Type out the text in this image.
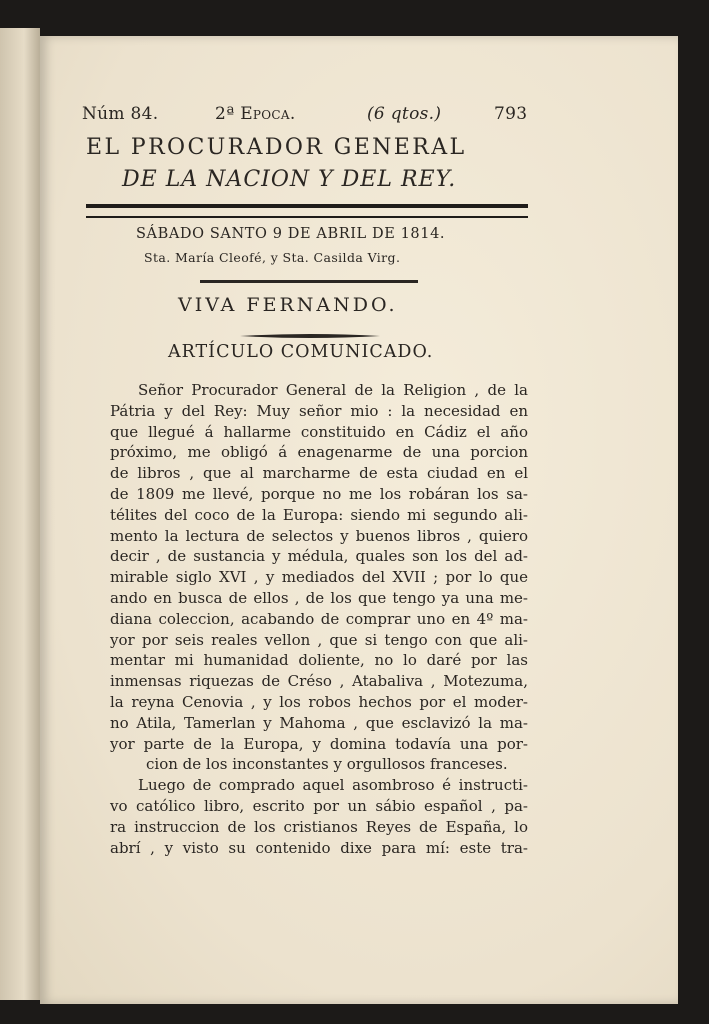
Núm 84.	2ª Epoca.	(6 qtos.)	793
EL PROCURADOR GENERAL
DE LA NACION Y DEL REY.
SÁBADO SANTO 9 DE ABRIL DE 1814.
Sta. María Cleofé, y Sta. Casilda Virg.
VIVA FERNANDO.
ARTÍCULO COMUNICADO.
Señor Procurador General de la Religion , de la
Pátria y del Rey: Muy señor mio : la necesidad en
que llegué á hallarme constituido en Cádiz el año
próximo, me obligó á enagenarme de una porcion
de libros , que al marcharme de esta ciudad en el
de 1809 me llevé, porque no me los robáran los sa-
télites del coco de la Europa: siendo mi segundo ali-
mento la lectura de selectos y buenos libros , quiero
decir , de sustancia y médula, quales son los del ad-
mirable siglo XVI , y mediados del XVII ; por lo que
ando en busca de ellos , de los que tengo ya una me-
diana coleccion, acabando de comprar uno en 4º ma-
yor por seis reales vellon , que si tengo con que ali-
mentar mi humanidad doliente, no lo daré por las
inmensas riquezas de Créso , Atabaliva , Motezuma,
la reyna Cenovia , y los robos hechos por el moder-
no Atila, Tamerlan y Mahoma , que esclavizó la ma-
yor parte de la Europa, y domina todavía una por-
cion de los inconstantes y orgullosos franceses.
Luego de comprado aquel asombroso é instructi-
vo católico libro, escrito por un sábio español , pa-
ra instruccion de los cristianos Reyes de España, lo
abrí , y visto su contenido dixe para mí: este tra-
